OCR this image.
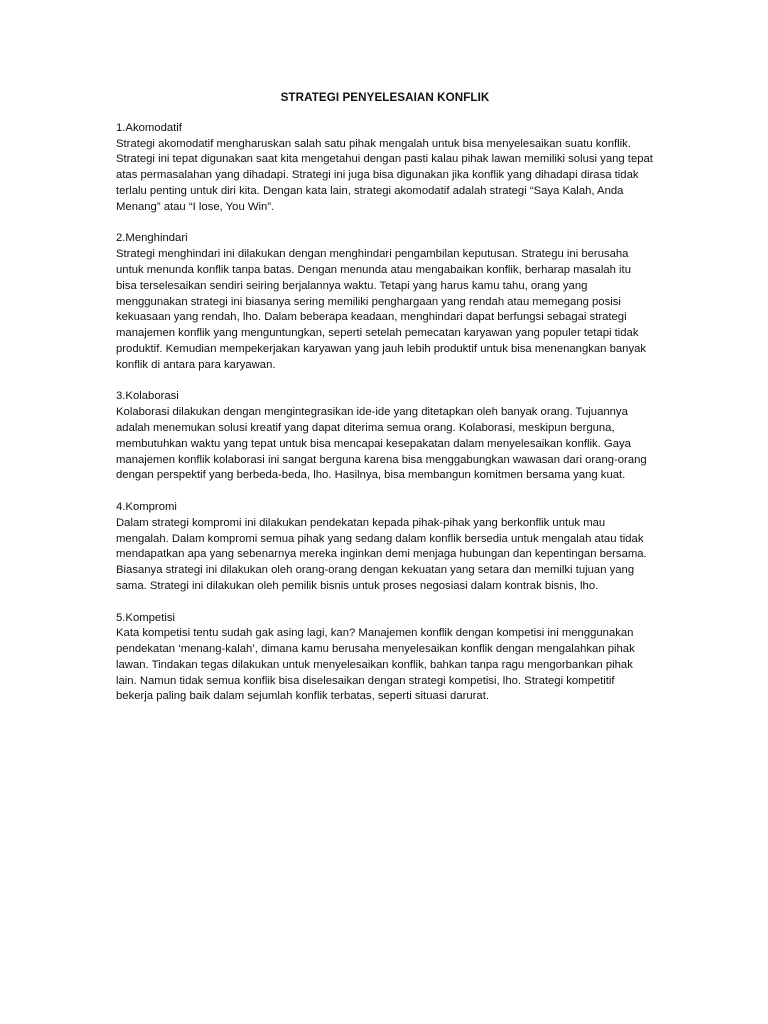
STRATEGI PENYELESAIAN KONFLIK
1.Akomodatif
Strategi akomodatif mengharuskan salah satu pihak mengalah untuk bisa menyelesaikan suatu konflik. Strategi ini tepat digunakan saat kita mengetahui dengan pasti kalau pihak lawan memiliki solusi yang tepat atas permasalahan yang dihadapi. Strategi ini juga bisa digunakan jika konflik yang dihadapi dirasa tidak terlalu penting untuk diri kita. Dengan kata lain, strategi akomodatif adalah strategi “Saya Kalah, Anda Menang” atau “I lose, You Win”.
2.Menghindari
Strategi menghindari ini dilakukan dengan menghindari pengambilan keputusan. Strategu ini berusaha untuk menunda konflik tanpa batas. Dengan menunda atau mengabaikan konflik, berharap masalah itu bisa terselesaikan sendiri seiring berjalannya waktu. Tetapi yang harus kamu tahu, orang yang menggunakan strategi ini biasanya sering memiliki penghargaan yang rendah atau memegang posisi kekuasaan yang rendah, lho. Dalam beberapa keadaan, menghindari dapat berfungsi sebagai strategi manajemen konflik yang menguntungkan, seperti setelah pemecatan karyawan yang populer tetapi tidak produktif. Kemudian mempekerjakan karyawan yang jauh lebih produktif untuk bisa menenangkan banyak konflik di antara para karyawan.
3.Kolaborasi
Kolaborasi dilakukan dengan mengintegrasikan ide-ide yang ditetapkan oleh banyak orang. Tujuannya adalah menemukan solusi kreatif yang dapat diterima semua orang. Kolaborasi, meskipun berguna, membutuhkan waktu yang tepat untuk bisa mencapai kesepakatan dalam menyelesaikan konflik. Gaya manajemen konflik kolaborasi ini sangat berguna karena bisa menggabungkan wawasan dari orang-orang dengan perspektif yang berbeda-beda, lho. Hasilnya, bisa membangun komitmen bersama yang kuat.
4.Kompromi
Dalam strategi kompromi ini dilakukan pendekatan kepada pihak-pihak yang berkonflik untuk mau mengalah. Dalam kompromi semua pihak yang sedang dalam konflik bersedia untuk mengalah atau tidak mendapatkan apa yang sebenarnya mereka inginkan demi menjaga hubungan dan kepentingan bersama. Biasanya strategi ini dilakukan oleh orang-orang dengan kekuatan yang setara dan memilki tujuan yang sama. Strategi ini dilakukan oleh pemilik bisnis untuk proses negosiasi dalam kontrak bisnis, lho.
5.Kompetisi
Kata kompetisi tentu sudah gak asing lagi, kan? Manajemen konflik dengan kompetisi ini menggunakan pendekatan ‘menang-kalah’, dimana kamu berusaha menyelesaikan konflik dengan mengalahkan pihak lawan. Tindakan tegas dilakukan untuk menyelesaikan konflik, bahkan tanpa ragu mengorbankan pihak lain. Namun tidak semua konflik bisa diselesaikan dengan strategi kompetisi, lho. Strategi kompetitif bekerja paling baik dalam sejumlah konflik terbatas, seperti situasi darurat.
